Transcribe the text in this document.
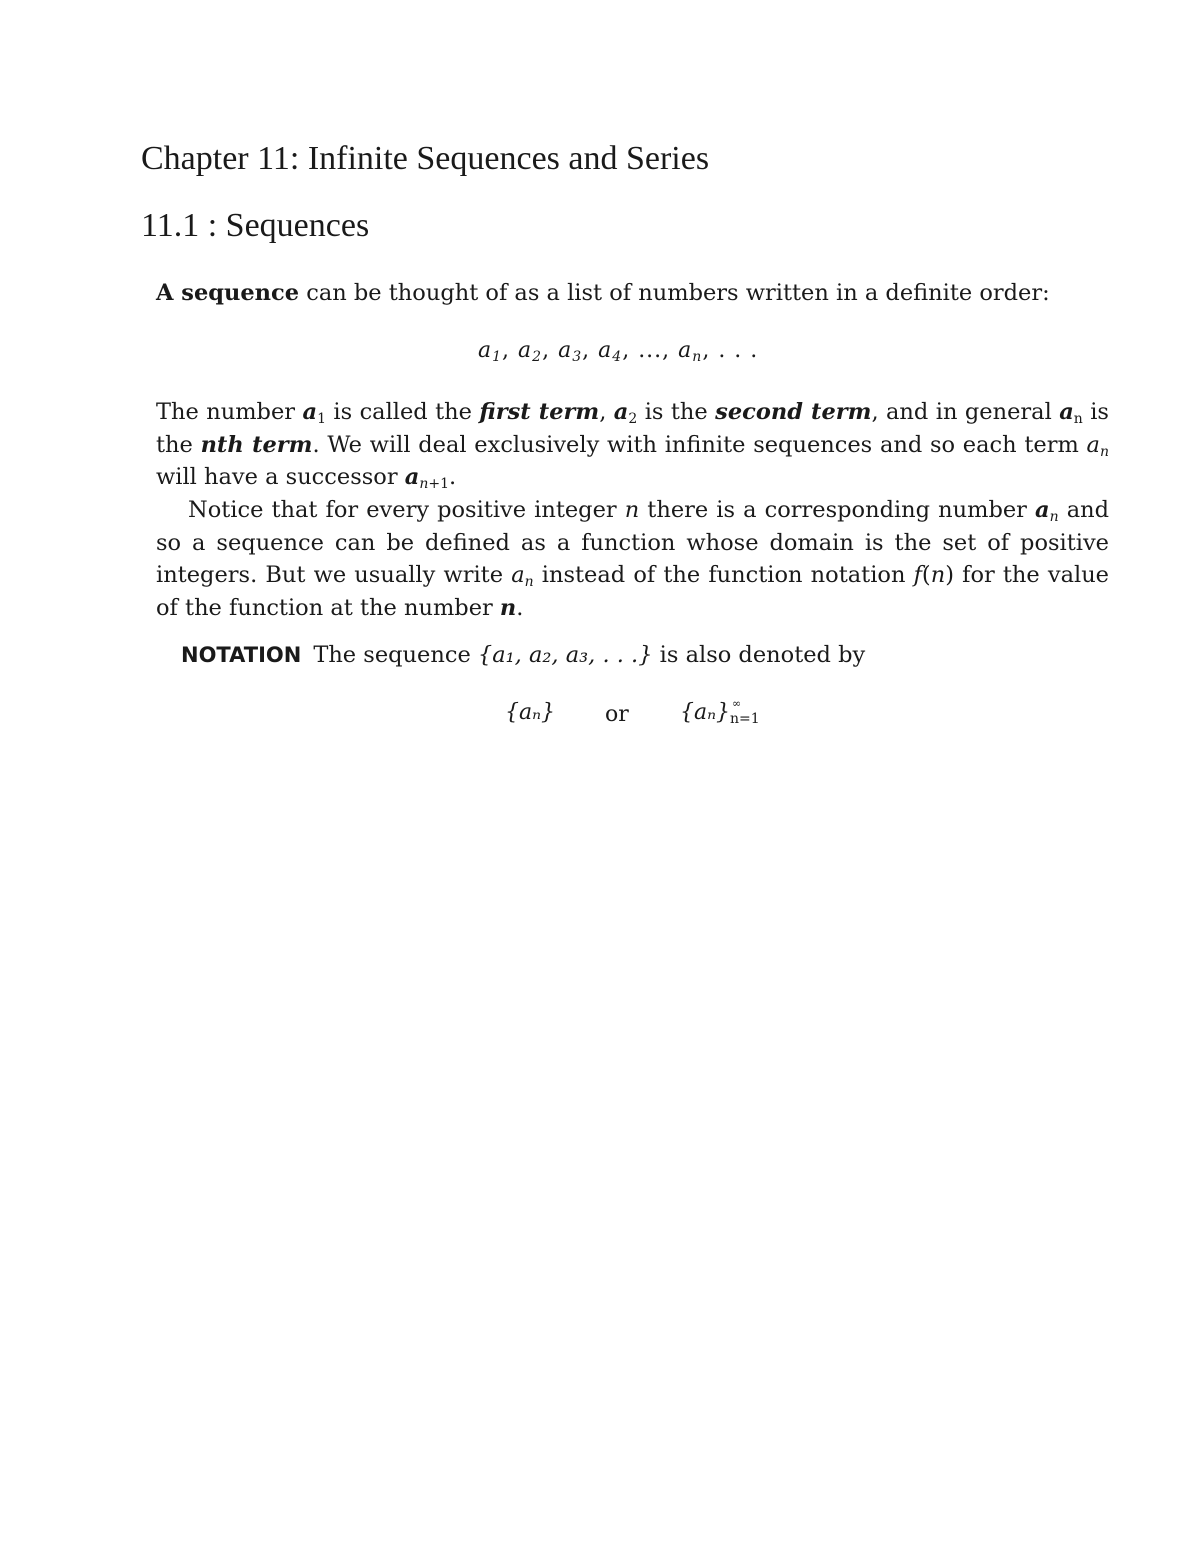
Chapter 11: Infinite Sequences and Series
11.1 : Sequences
A sequence can be thought of as a list of numbers written in a definite order:
$a_1$, $a_2$, $a_3$, $a_4$, ..., $a_n$, . . .
The number $a_1$ is called the first term, $a_2$ is the second term, and in general $a_n$ is the nth term. We will deal exclusively with infinite sequences and so each term $a_n$ will have a successor $a_{n+1}$.
Notice that for every positive integer n there is a corresponding number $a_n$ and so a sequence can be defined as a function whose domain is the set of positive integers. But we usually write $a_n$ instead of the function notation f(n) for the value of the function at the number n.
NOTATION The sequence {a₁, a₂, a₃, . . .} is also denoted by
{aₙ} or {aₙ} ∞
n=1
